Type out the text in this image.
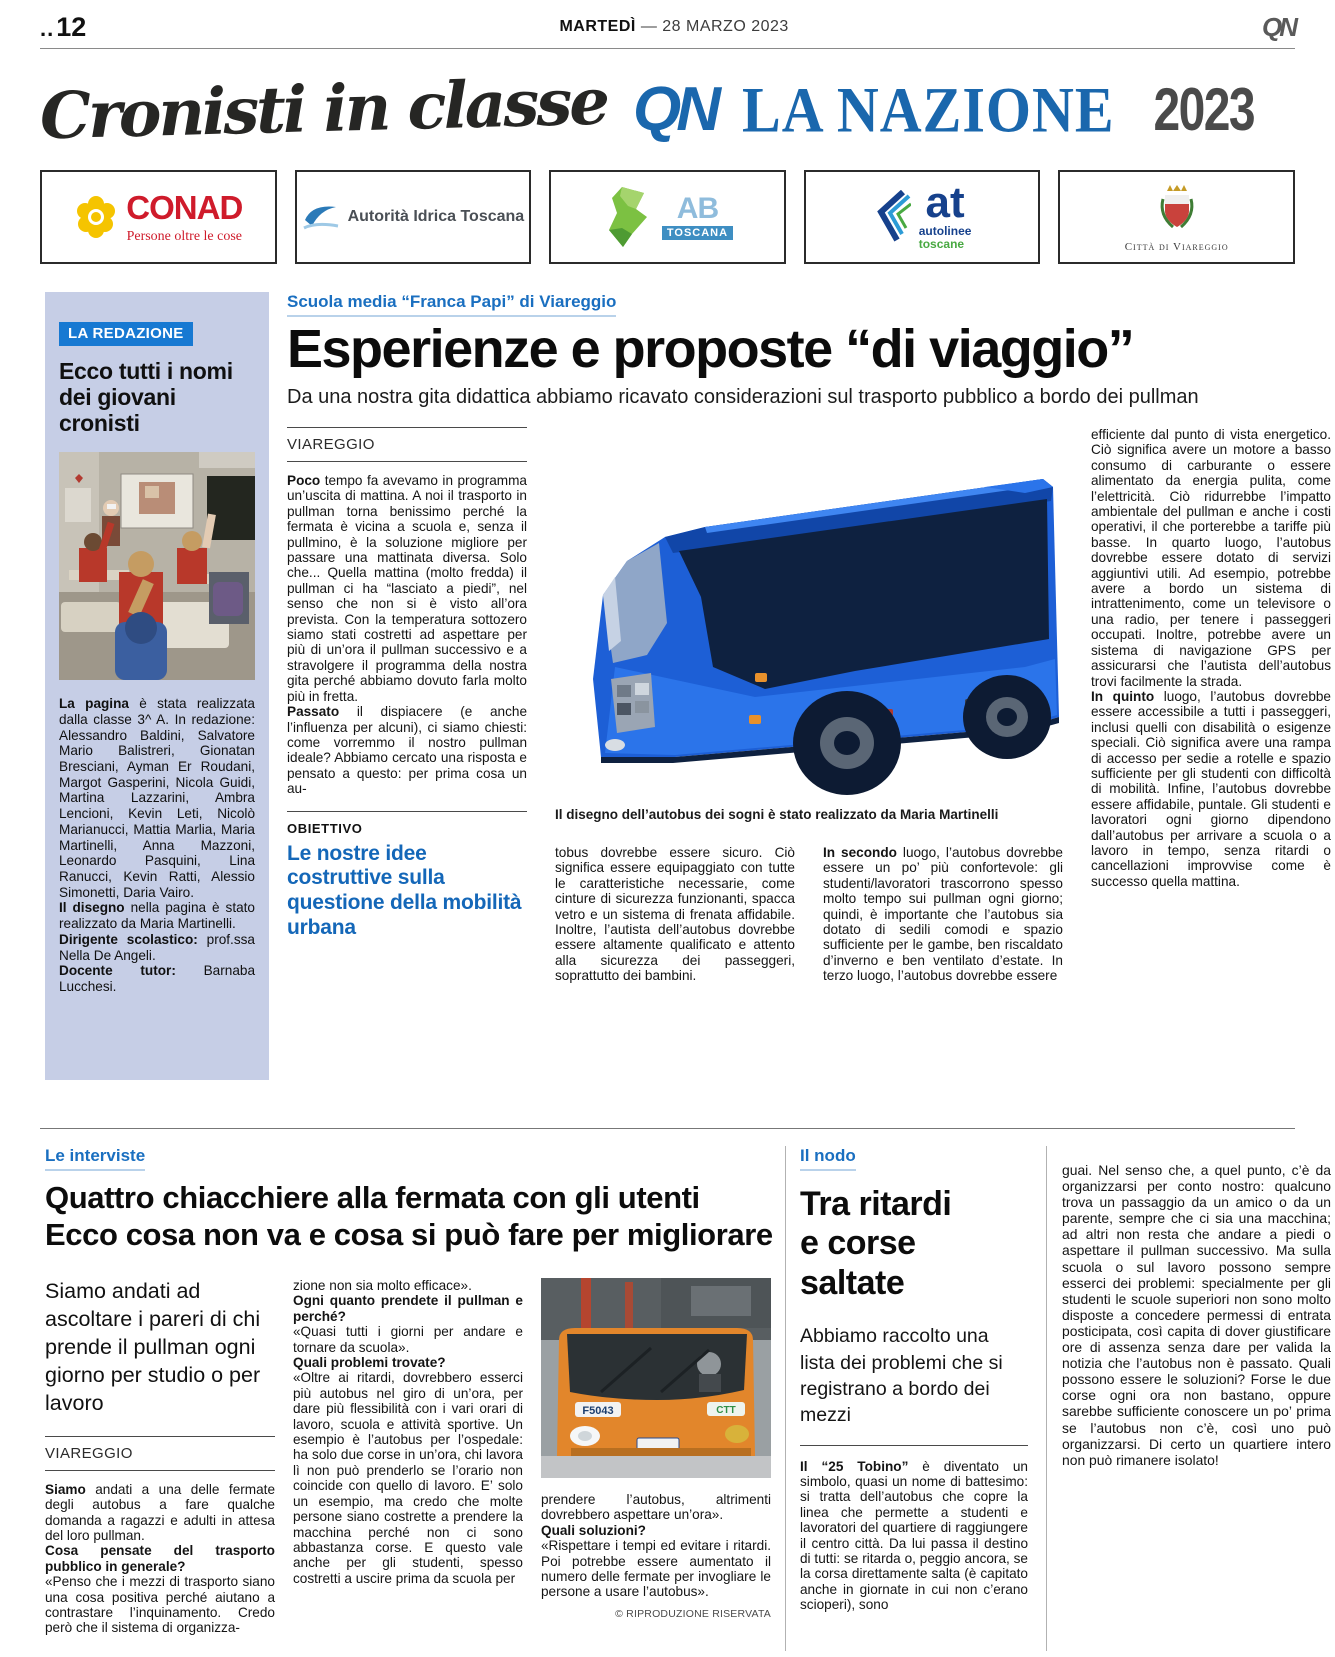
..12	MARTEDÌ — 28 MARZO 2023	QN
Cronisti in classe QN LA NAZIONE 2023
CONAD
Persone oltre le cose
Autorità Idrica Toscana	AB
TOSCANA
at
autolinee
toscane	Città di Viareggio
LA REDAZIONE
Ecco tutti i nomi
dei giovani cronisti

La pagina è stata realizzata dalla classe 3^ A. In redazione: Alessandro Baldini, Salvatore Mario Balistreri, Gionatan Bresciani, Ayman Er Roudani, Margot Gasperini, Nicola Guidi, Martina Lazzarini, Ambra Lencioni, Kevin Leti, Nicolò Marianucci, Mattia Marlia, Maria Martinelli, Anna Mazzoni, Leonardo Pasquini, Lina Ranucci, Kevin Ratti, Alessio Simonetti, Daria Vairo.

Il disegno nella pagina è stato realizzato da Maria Martinelli.

Dirigente scolastico: prof.ssa Nella De Angeli.

Docente tutor: Barnaba Lucchesi.

Scuola media “Franca Papi” di Viareggio
Esperienze e proposte “di viaggio”
Da una nostra gita didattica abbiamo ricavato considerazioni sul trasporto pubblico a bordo dei pullman
VIAREGGIO

Poco tempo fa avevamo in programma un’uscita di mattina. A noi il trasporto in pullman torna benissimo perché la fermata è vicina a scuola e, senza il pullmino, è la soluzione migliore per passare una mattinata diversa. Solo che... Quella mattina (molto fredda) il pullman ci ha “lasciato a piedi”, nel senso che non si è visto all’ora prevista. Con la temperatura sottozero siamo stati costretti ad aspettare per più di un’ora il pullman successivo e a stravolgere il programma della nostra gita perché abbiamo dovuto farla molto più in fretta.

Passato il dispiacere (e anche l’influenza per alcuni), ci siamo chiesti: come vorremmo il nostro pullman ideale? Abbiamo cercato una risposta e pensato a questo: per prima cosa un au-

OBIETTIVO
Le nostre idee costruttive sulla questione della mobilità urbana
Il disegno dell’autobus dei sogni è stato realizzato da Maria Martinelli

tobus dovrebbe essere sicuro. Ciò significa essere equipaggiato con tutte le caratteristiche necessarie, come cinture di sicurezza funzionanti, spacca vetro e un sistema di frenata affidabile. Inoltre, l’autista dell’autobus dovrebbe essere altamente qualificato e attento alla sicurezza dei passeggeri, soprattutto dei bambini.

In secondo luogo, l’autobus dovrebbe essere un po’ più confortevole: gli studenti/lavoratori trascorrono spesso molto tempo sui pullman ogni giorno; quindi, è importante che l’autobus sia dotato di sedili comodi e spazio sufficiente per le gambe, ben riscaldato d’inverno e ben ventilato d’estate. In terzo luogo, l’autobus dovrebbe essere

efficiente dal punto di vista energetico. Ciò significa avere un motore a basso consumo di carburante o essere alimentato da energia pulita, come l’elettricità. Ciò ridurrebbe l’impatto ambientale del pullman e anche i costi operativi, il che porterebbe a tariffe più basse. In quarto luogo, l’autobus dovrebbe essere dotato di servizi aggiuntivi utili. Ad esempio, potrebbe avere a bordo un sistema di intrattenimento, come un televisore o una radio, per tenere i passeggeri occupati. Inoltre, potrebbe avere un sistema di navigazione GPS per assicurarsi che l’autista dell’autobus trovi facilmente la strada.

In quinto luogo, l’autobus dovrebbe essere accessibile a tutti i passeggeri, inclusi quelli con disabilità o esigenze speciali. Ciò significa avere una rampa di accesso per sedie a rotelle e spazio sufficiente per gli studenti con difficoltà di mobilità. Infine, l’autobus dovrebbe essere affidabile, puntale. Gli studenti e lavoratori ogni giorno dipendono dall’autobus per arrivare a scuola o a lavoro in tempo, senza ritardi o cancellazioni improvvise come è successo quella mattina.

Le interviste
Quattro chiacchiere alla fermata con gli utenti
Ecco cosa non va e cosa si può fare per migliorare
Siamo andati ad ascoltare i pareri di chi prende il pullman ogni giorno per studio o per lavoro
VIAREGGIO

Siamo andati a una delle fermate degli autobus a fare qualche domanda a ragazzi e adulti in attesa del loro pullman.

Cosa pensate del trasporto pubblico in generale?

«Penso che i mezzi di trasporto siano una cosa positiva perché aiutano a contrastare l’inquinamento. Credo però che il sistema di organizza-

zione non sia molto efficace».

Ogni quanto prendete il pullman e perché?

«Quasi tutti i giorni per andare e tornare da scuola».

Quali problemi trovate?

«Oltre ai ritardi, dovrebbero esserci più autobus nel giro di un’ora, per dare più flessibilità con i vari orari di lavoro, scuola e attività sportive. Un esempio è l’autobus per l’ospedale: ha solo due corse in un’ora, chi lavora lì non può prenderlo se l’orario non coincide con quello di lavoro. E’ solo un esempio, ma credo che molte persone siano costrette a prendere la macchina perché non ci sono abbastanza corse. E questo vale anche per gli studenti, spesso costretti a uscire prima da scuola per

F5043	CTT

prendere l’autobus, altrimenti dovrebbero aspettare un’ora».

Quali soluzioni?

«Rispettare i tempi ed evitare i ritardi. Poi potrebbe essere aumentato il numero delle fermate per invogliare le persone a usare l’autobus».

© RIPRODUZIONE RISERVATA
Il nodo
Tra ritardi
e corse
saltate
Abbiamo raccolto una lista dei problemi che si registrano a bordo dei mezzi

Il “25 Tobino” è diventato un simbolo, quasi un nome di battesimo: si tratta dell’autobus che copre la linea che permette a studenti e lavoratori del quartiere di raggiungere il centro città. Da lui passa il destino di tutti: se ritarda o, peggio ancora, se la corsa direttamente salta (è capitato anche in giornate in cui non c’erano scioperi), sono

guai. Nel senso che, a quel punto, c’è da organizzarsi per conto nostro: qualcuno trova un passaggio da un amico o da un parente, sempre che ci sia una macchina; ad altri non resta che andare a piedi o aspettare il pullman successivo. Ma sulla scuola o sul lavoro possono sempre esserci dei problemi: specialmente per gli studenti le scuole superiori non sono molto disposte a concedere permessi di entrata posticipata, così capita di dover giustificare ore di assenza senza dare per valida la notizia che l’autobus non è passato. Quali possono essere le soluzioni? Forse le due corse ogni ora non bastano, oppure sarebbe sufficiente conoscere un po’ prima se l’autobus non c’è, così uno può organizzarsi. Di certo un quartiere intero non può rimanere isolato!
